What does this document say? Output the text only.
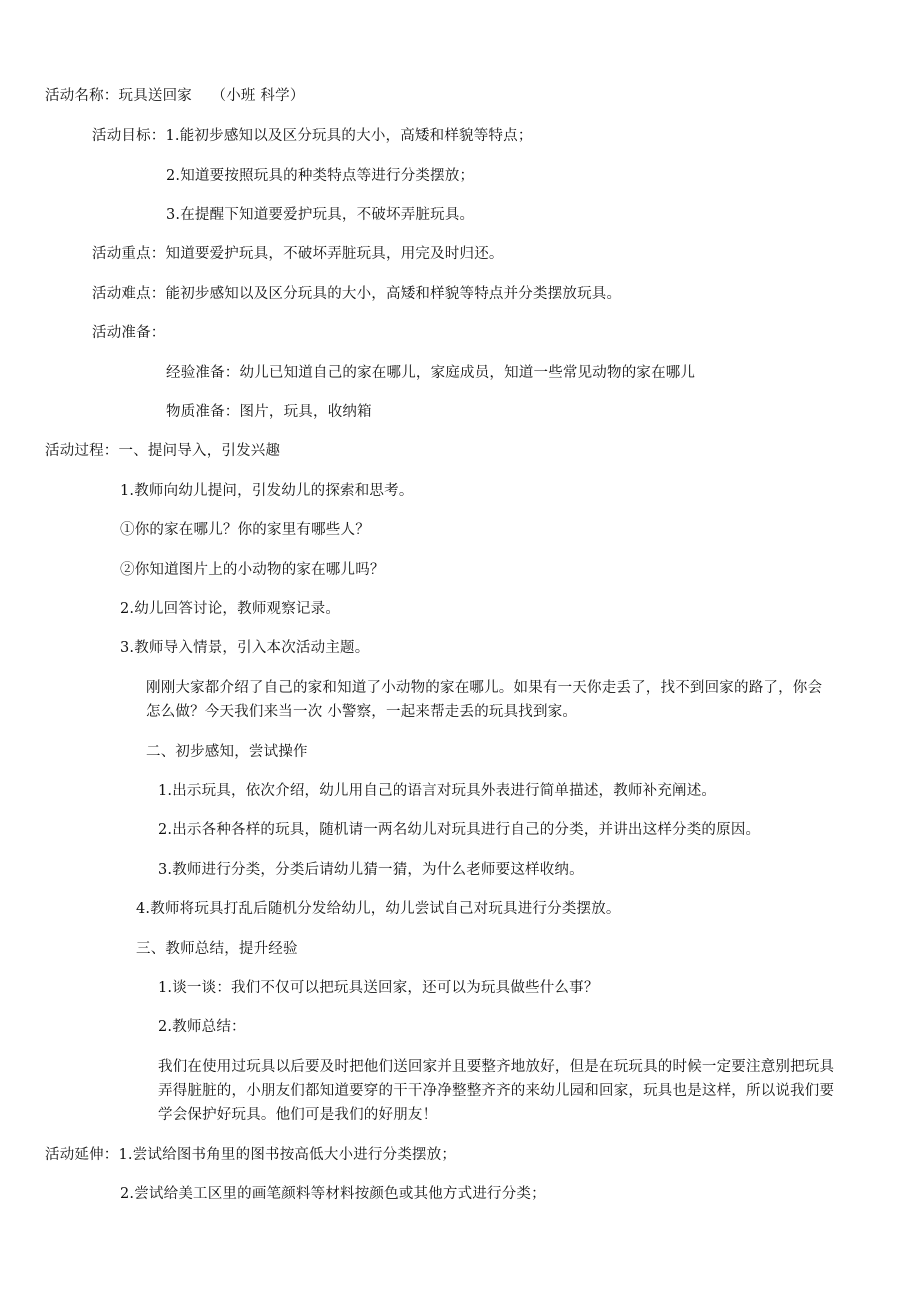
活动名称：玩具送回家　 （小班 科学）
活动目标：1.能初步感知以及区分玩具的大小，高矮和样貌等特点；
2.知道要按照玩具的种类特点等进行分类摆放；
3.在提醒下知道要爱护玩具，不破坏弄脏玩具。
活动重点：知道要爱护玩具，不破坏弄脏玩具，用完及时归还。
活动难点：能初步感知以及区分玩具的大小，高矮和样貌等特点并分类摆放玩具。
活动准备：
经验准备：幼儿已知道自己的家在哪儿，家庭成员，知道一些常见动物的家在哪儿
物质准备：图片，玩具，收纳箱
活动过程：一、提问导入，引发兴趣
1.教师向幼儿提问，引发幼儿的探索和思考。
①你的家在哪儿？你的家里有哪些人？
②你知道图片上的小动物的家在哪儿吗？
2.幼儿回答讨论，教师观察记录。
3.教师导入情景，引入本次活动主题。
刚刚大家都介绍了自己的家和知道了小动物的家在哪儿。如果有一天你走丢了，找不到回家的路了，你会
怎么做？今天我们来当一次 小警察，一起来帮走丢的玩具找到家。
二、初步感知，尝试操作
1.出示玩具，依次介绍，幼儿用自己的语言对玩具外表进行简单描述，教师补充阐述。
2.出示各种各样的玩具，随机请一两名幼儿对玩具进行自己的分类，并讲出这样分类的原因。
3.教师进行分类，分类后请幼儿猜一猜，为什么老师要这样收纳。
4.教师将玩具打乱后随机分发给幼儿，幼儿尝试自己对玩具进行分类摆放。
三、教师总结，提升经验
1.谈一谈：我们不仅可以把玩具送回家，还可以为玩具做些什么事？
2.教师总结：
我们在使用过玩具以后要及时把他们送回家并且要整齐地放好，但是在玩玩具的时候一定要注意别把玩具
弄得脏脏的，小朋友们都知道要穿的干干净净整整齐齐的来幼儿园和回家，玩具也是这样，所以说我们要
学会保护好玩具。他们可是我们的好朋友！
活动延伸：1.尝试给图书角里的图书按高低大小进行分类摆放；
2.尝试给美工区里的画笔颜料等材料按颜色或其他方式进行分类；
